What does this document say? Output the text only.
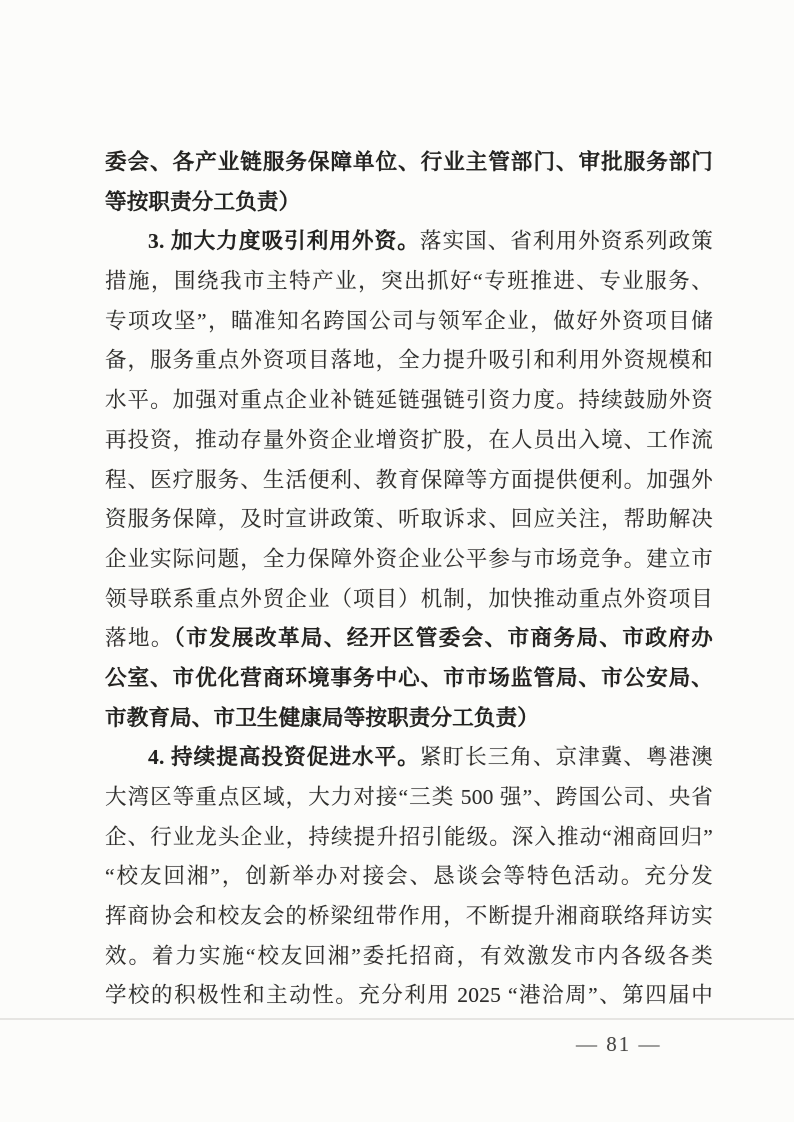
委会、各产业链服务保障单位、行业主管部门、审批服务部门
等按职责分工负责）
3. 加大力度吸引利用外资。落实国、省利用外资系列政策
措施，围绕我市主特产业，突出抓好“专班推进、专业服务、
专项攻坚”，瞄准知名跨国公司与领军企业，做好外资项目储
备，服务重点外资项目落地，全力提升吸引和利用外资规模和
水平。加强对重点企业补链延链强链引资力度。持续鼓励外资
再投资，推动存量外资企业增资扩股，在人员出入境、工作流
程、医疗服务、生活便利、教育保障等方面提供便利。加强外
资服务保障，及时宣讲政策、听取诉求、回应关注，帮助解决
企业实际问题，全力保障外资企业公平参与市场竞争。建立市
领导联系重点外贸企业（项目）机制，加快推动重点外资项目
落地。（市发展改革局、经开区管委会、市商务局、市政府办
公室、市优化营商环境事务中心、市市场监管局、市公安局、
市教育局、市卫生健康局等按职责分工负责）
4. 持续提高投资促进水平。紧盯长三角、京津冀、粤港澳
大湾区等重点区域，大力对接“三类 500 强”、跨国公司、央省
企、行业龙头企业，持续提升招引能级。深入推动“湘商回归”
“校友回湘”，创新举办对接会、恳谈会等特色活动。充分发
挥商协会和校友会的桥梁纽带作用，不断提升湘商联络拜访实
效。着力实施“校友回湘”委托招商，有效激发市内各级各类
学校的积极性和主动性。充分利用 2025 “港洽周”、第四届中
— 81 —
